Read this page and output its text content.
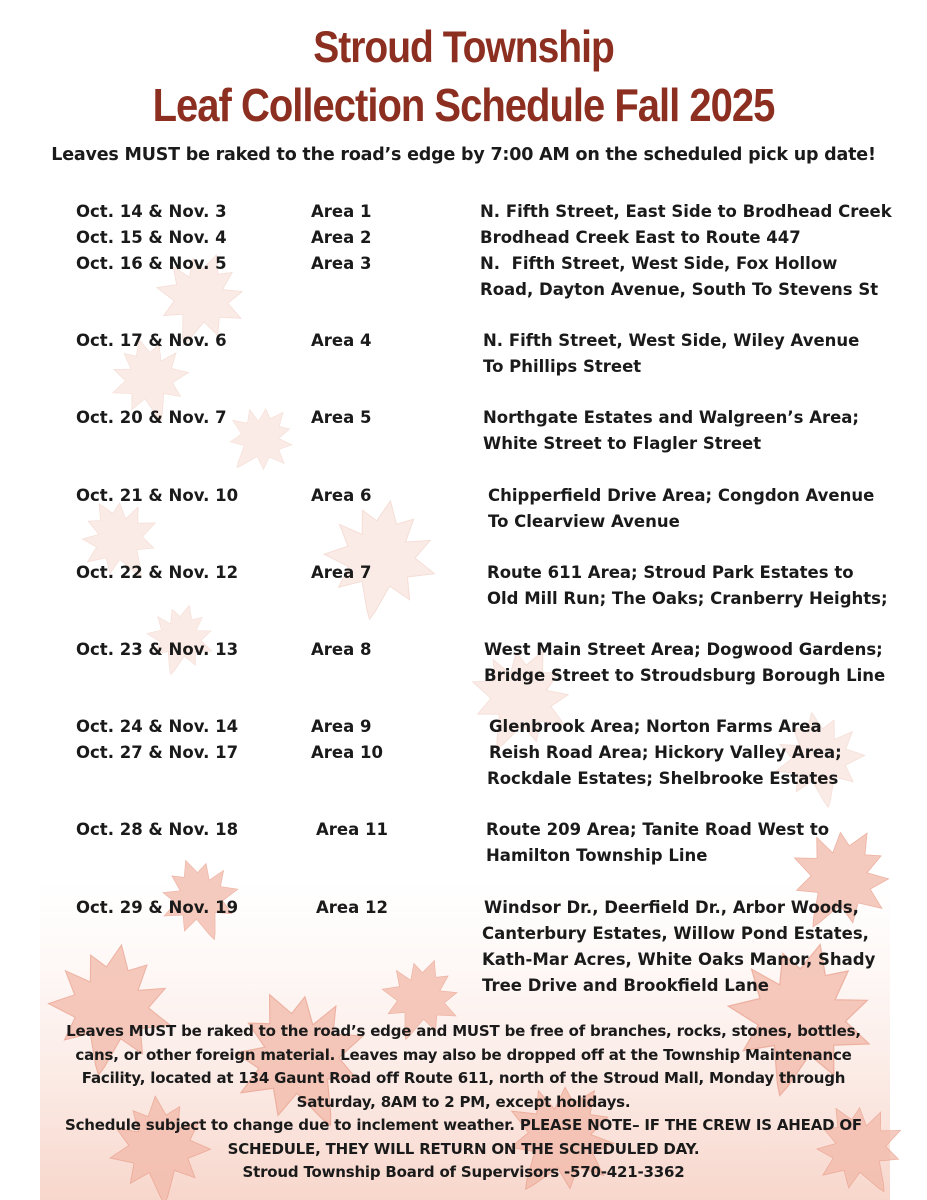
Stroud Township
Leaf Collection Schedule Fall 2025
Leaves MUST be raked to the road’s edge by 7:00 AM on the scheduled pick up date!
Oct. 14 & Nov. 3	Area 1	N. Fifth Street, East Side to Brodhead Creek
Oct. 15 & Nov. 4	Area 2	Brodhead Creek East to Route 447
Oct. 16 & Nov. 5	Area 3	N.  Fifth Street, West Side, Fox Hollow
Road, Dayton Avenue, South To Stevens St
Oct. 17 & Nov. 6	Area 4	N. Fifth Street, West Side, Wiley Avenue
To Phillips Street
Oct. 20 & Nov. 7	Area 5	Northgate Estates and Walgreen’s Area;
White Street to Flagler Street
Oct. 21 & Nov. 10	Area 6	Chipperfield Drive Area; Congdon Avenue
To Clearview Avenue
Oct. 22 & Nov. 12	Area 7	Route 611 Area; Stroud Park Estates to
Old Mill Run; The Oaks; Cranberry Heights;
Oct. 23 & Nov. 13	Area 8	West Main Street Area; Dogwood Gardens;
Bridge Street to Stroudsburg Borough Line
Oct. 24 & Nov. 14	Area 9	Glenbrook Area; Norton Farms Area
Oct. 27 & Nov. 17	Area 10	Reish Road Area; Hickory Valley Area;
Rockdale Estates; Shelbrooke Estates
Oct. 28 & Nov. 18	Area 11	Route 209 Area; Tanite Road West to
Hamilton Township Line
Oct. 29 & Nov. 19	Area 12	Windsor Dr., Deerfield Dr., Arbor Woods,
Canterbury Estates, Willow Pond Estates,
Kath-Mar Acres, White Oaks Manor, Shady
Tree Drive and Brookfield Lane
Leaves MUST be raked to the road’s edge and MUST be free of branches, rocks, stones, bottles,
cans, or other foreign material. Leaves may also be dropped off at the Township Maintenance
Facility, located at 134 Gaunt Road off Route 611, north of the Stroud Mall, Monday through
Saturday, 8AM to 2 PM, except holidays.
Schedule subject to change due to inclement weather. PLEASE NOTE– IF THE CREW IS AHEAD OF
SCHEDULE, THEY WILL RETURN ON THE SCHEDULED DAY.
Stroud Township Board of Supervisors -570-421-3362
